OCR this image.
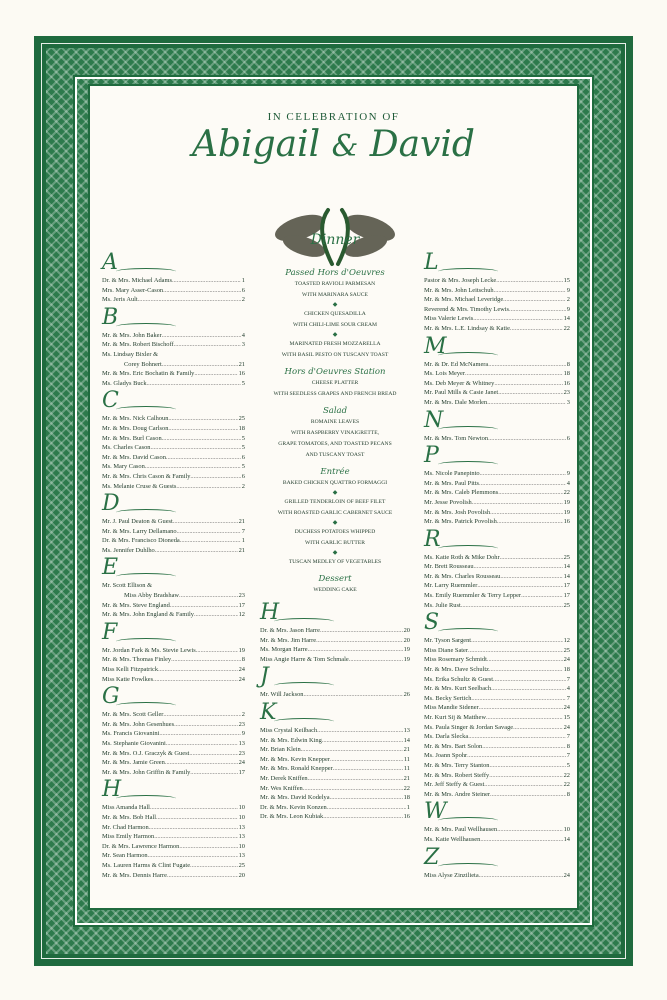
IN CELEBRATION OF
Abigail & David
Dinner
A
Dr. & Mrs. Michael Adams .....	1
Mrs. Mary Asser-Cason .....	6
Ms. Jeris Ault .....	2
B
Mr. & Mrs. John Baker .....	4
Mr. & Mrs. Robert Bischoff .....	3
Ms. Lindsay Bixler &
Corey Bohnert .....	21
Mr. & Mrs. Eric Bochatin & Family .....	16
Ms. Gladys Buck .....	5
C
Mr. & Mrs. Nick Calhoun .....	25
Mr. & Mrs. Doug Carlson .....	18
Mr. & Mrs. Burl Cason .....	5
Ms. Charles Cason .....	5
Mr. & Mrs. David Cason .....	6
Ms. Mary Cason .....	5
Mr. & Mrs. Chris Cason & Family .....	6
Ms. Melanie Cruse & Guests .....	2
D
Mr. J. Paul Deaton & Guest .....	21
Mr. & Mrs. Larry Dellamano .....	7
Dr. & Mrs. Francisco Dioneda .....	1
Ms. Jennifer Duhlho .....	21
E
Mr. Scott Ellison &
Miss Abby Bradshaw .....	23
Mr. & Mrs. Steve England .....	17
Mr. & Mrs. John England & Family .....	12
F
Mr. Jordan Fark & Ms. Stevie Lewis .....	19
Mr. & Mrs. Thomas Finley .....	8
Miss Kelli Fitzpatrick .....	24
Miss Katie Fowlkes .....	24
G
Mr. & Mrs. Scott Geller .....	2
Mr. & Mrs. John Gesenhues .....	23
Ms. Francis Giovanini .....	9
Ms. Stephanie Giovanini .....	13
Mr. & Mrs. O.J. Graczyk & Guest .....	23
Mr. & Mrs. Jamie Green .....	24
Mr. & Mrs. John Griffin & Family .....	17
H
Miss Amanda Hall .....	10
Mr. & Mrs. Bob Hall .....	10
Mr. Chad Harmon .....	13
Miss Emily Harmon .....	13
Dr. & Mrs. Lawrence Harmon .....	10
Mr. Sean Harmon .....	13
Ms. Lauren Harms & Clint Fugate .....	25
Mr. & Mrs. Dennis Harre .....	20
Passed Hors d'Oeuvres
TOASTED RAVIOLI PARMESAN
WITH MARINARA SAUCE
◆
CHICKEN QUESADILLA
WITH CHILI-LIME SOUR CREAM
◆
MARINATED FRESH MOZZARELLA
WITH BASIL PESTO ON TUSCANY TOAST
Hors d'Oeuvres Station
CHEESE PLATTER
WITH SEEDLESS GRAPES AND FRENCH BREAD
Salad
ROMAINE LEAVES
WITH RASPBERRY VINAIGRETTE,
GRAPE TOMATOES, AND TOASTED PECANS
AND TUSCANY TOAST
Entrée
BAKED CHICKEN QUATTRO FORMAGGI
◆
GRILLED TENDERLOIN OF BEEF FILET
WITH ROASTED GARLIC CABERNET SAUCE
◆
DUCHESS POTATOES WHIPPED
WITH GARLIC BUTTER
◆
TUSCAN MEDLEY OF VEGETABLES
Dessert
WEDDING CAKE
H
Dr. & Mrs. Jason Harre .....	20
Mr. & Mrs. Jim Harre .....	20
Ms. Morgan Harre .....	19
Miss Angie Harre & Tom Schmale .....	19
J
Mr. Will Jackson .....	26
K
Miss Crystal Keilbach .....	13
Mr. & Mrs. Edwin King .....	14
Mr. Brian Klein .....	21
Mr. & Mrs. Kevin Knepper .....	11
Mr. & Mrs. Ronald Knepper .....	11
Mr. Derek Kniffen .....	21
Mr. Wes Kniffen .....	22
Mr. & Mrs. David Kodelya .....	18
Dr. & Mrs. Kevin Konzen .....	1
Dr. & Mrs. Leon Kubiak .....	16
L
Pastor & Mrs. Joseph Lecke .....	15
Mr. & Mrs. John Leitschuh .....	9
Mr. & Mrs. Michael Leveridge .....	2
Reverend & Mrs. Timothy Lewis .....	9
Miss Valerie Lewis .....	14
Mr. & Mrs. L.E. Lindsay & Katie .....	22
M
Mr. & Dr. Ed McNamera .....	8
Ms. Lois Meyer .....	18
Ms. Deb Meyer & Whitney .....	16
Mr. Paul Mills & Casie Janet .....	23
Mr. & Mrs. Dale Morlen .....	3
N
Mr. & Mrs. Tom Newton .....	6
P
Ms. Nicole Panepinto .....	9
Mr. & Mrs. Paul Pitts .....	4
Mr. & Mrs. Caleb Plemmons .....	22
Mr. Jesse Povolish .....	19
Mr. & Mrs. Josh Povolish .....	19
Mr. & Mrs. Patrick Povolish .....	16
R
Ms. Katie Roth & Mike Dohr .....	25
Mr. Brett Rousseau .....	14
Mr. & Mrs. Charles Rousseau .....	14
Mr. Larry Ruemmler .....	17
Ms. Emily Ruemmler & Terry Lepper .....	17
Ms. Julie Rust .....	25
S
Mr. Tyson Sargent .....	12
Miss Diane Sater .....	25
Miss Rosemary Schmidt .....	24
Mr. & Mrs. Dave Schultz .....	18
Ms. Erika Schultz & Guest .....	7
Mr. & Mrs. Kurt Seelbach .....	4
Ms. Becky Sertich .....	7
Miss Mandie Sidener .....	24
Mr. Kurt Sij & Matthew .....	15
Ms. Paula Singer & Jordan Savage .....	24
Ms. Darla Slecka .....	7
Mr. & Mrs. Bart Solon .....	8
Ms. Joann Spohr .....	7
Mr. & Mrs. Terry Stanton .....	5
Mr. & Mrs. Robert Steffy .....	22
Mr. Jeff Steffy & Guest .....	22
Mr. & Mrs. Andre Steiner .....	8
W
Mr. & Mrs. Paul Wellhausen .....	10
Ms. Katie Wellhausen .....	14
Z
Miss Alyse Zinzilieta .....	24
